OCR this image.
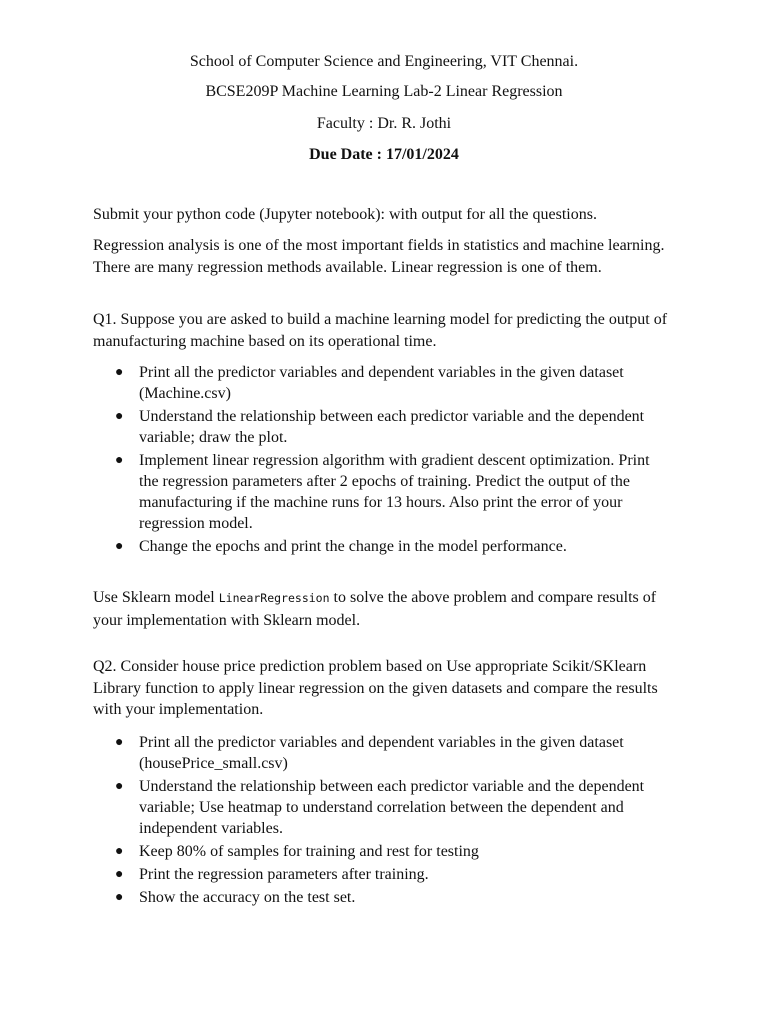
School of Computer Science and Engineering, VIT Chennai.
BCSE209P Machine Learning Lab-2 Linear Regression
Faculty : Dr. R. Jothi
Due Date : 17/01/2024

Submit your python code (Jupyter notebook): with output for all the questions.

Regression analysis is one of the most important fields in statistics and machine learning. There are many regression methods available. Linear regression is one of them.

Q1. Suppose you are asked to build a machine learning model for predicting the output of manufacturing machine based on its operational time.

● Print all the predictor variables and dependent variables in the given dataset (Machine.csv)
● Understand the relationship between each predictor variable and the dependent variable; draw the plot.
● Implement linear regression algorithm with gradient descent optimization. Print the regression parameters after 2 epochs of training. Predict the output of the manufacturing if the machine runs for 13 hours. Also print the error of your regression model.
● Change the epochs and print the change in the model performance.

Use Sklearn model LinearRegression to solve the above problem and compare results of your implementation with Sklearn model.

Q2. Consider house price prediction problem based on Use appropriate Scikit/SKlearn Library function to apply linear regression on the given datasets and compare the results with your implementation.

● Print all the predictor variables and dependent variables in the given dataset (housePrice_small.csv)
● Understand the relationship between each predictor variable and the dependent variable; Use heatmap to understand correlation between the dependent and independent variables.
● Keep 80% of samples for training and rest for testing
● Print the regression parameters after training.
● Show the accuracy on the test set.
